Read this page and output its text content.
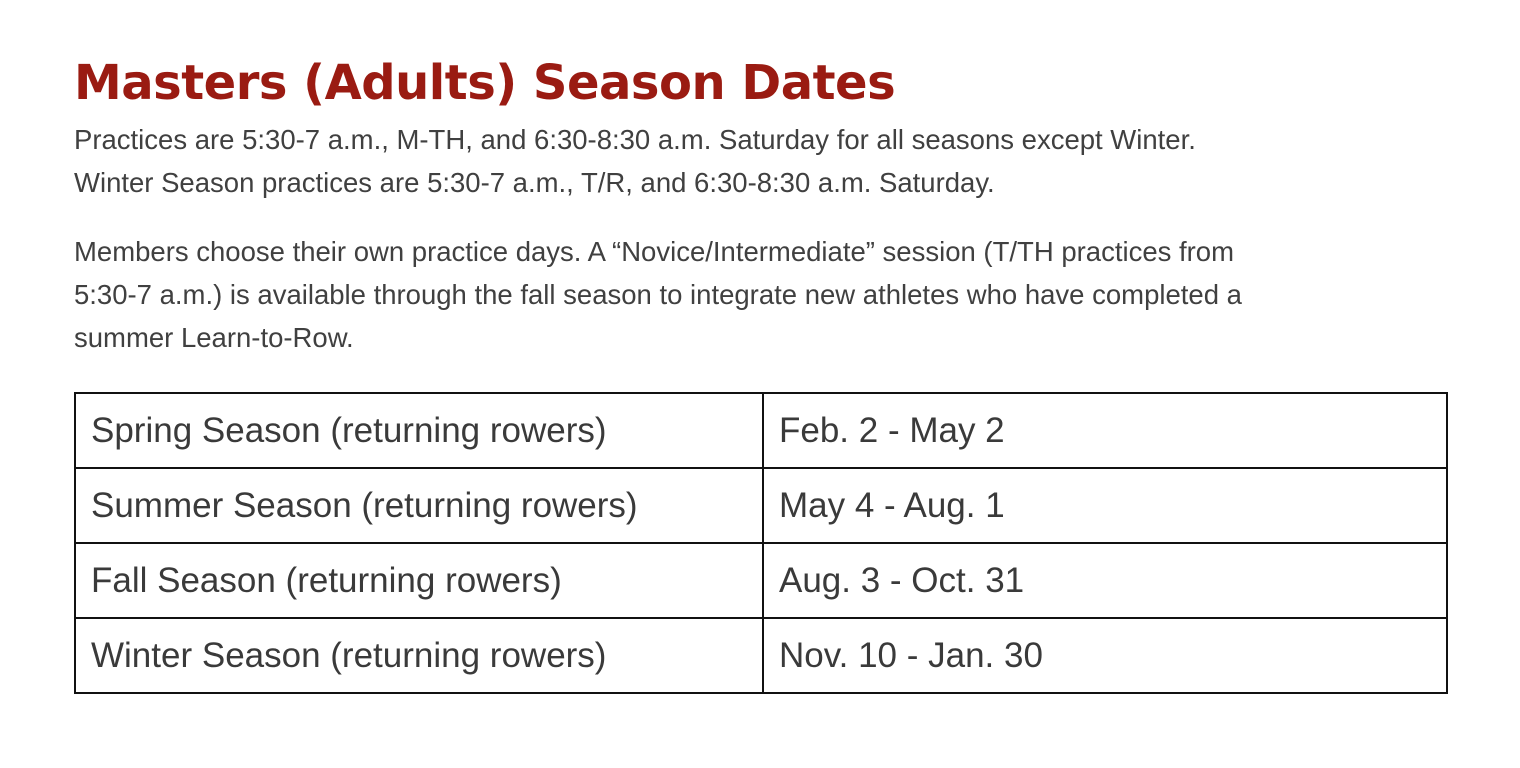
Masters (Adults) Season Dates

Practices are 5:30-7 a.m., M-TH, and 6:30-8:30 a.m. Saturday for all seasons except Winter.
Winter Season practices are 5:30-7 a.m., T/R, and 6:30-8:30 a.m. Saturday.

Members choose their own practice days. A “Novice/Intermediate” session (T/TH practices from
5:30-7 a.m.) is available through the fall season to integrate new athletes who have completed a
summer Learn-to-Row.

Spring Season (returning rowers)	Feb. 2 - May 2
Summer Season (returning rowers)	May 4 - Aug. 1
Fall Season (returning rowers)	Aug. 3 - Oct. 31
Winter Season (returning rowers)	Nov. 10 - Jan. 30
